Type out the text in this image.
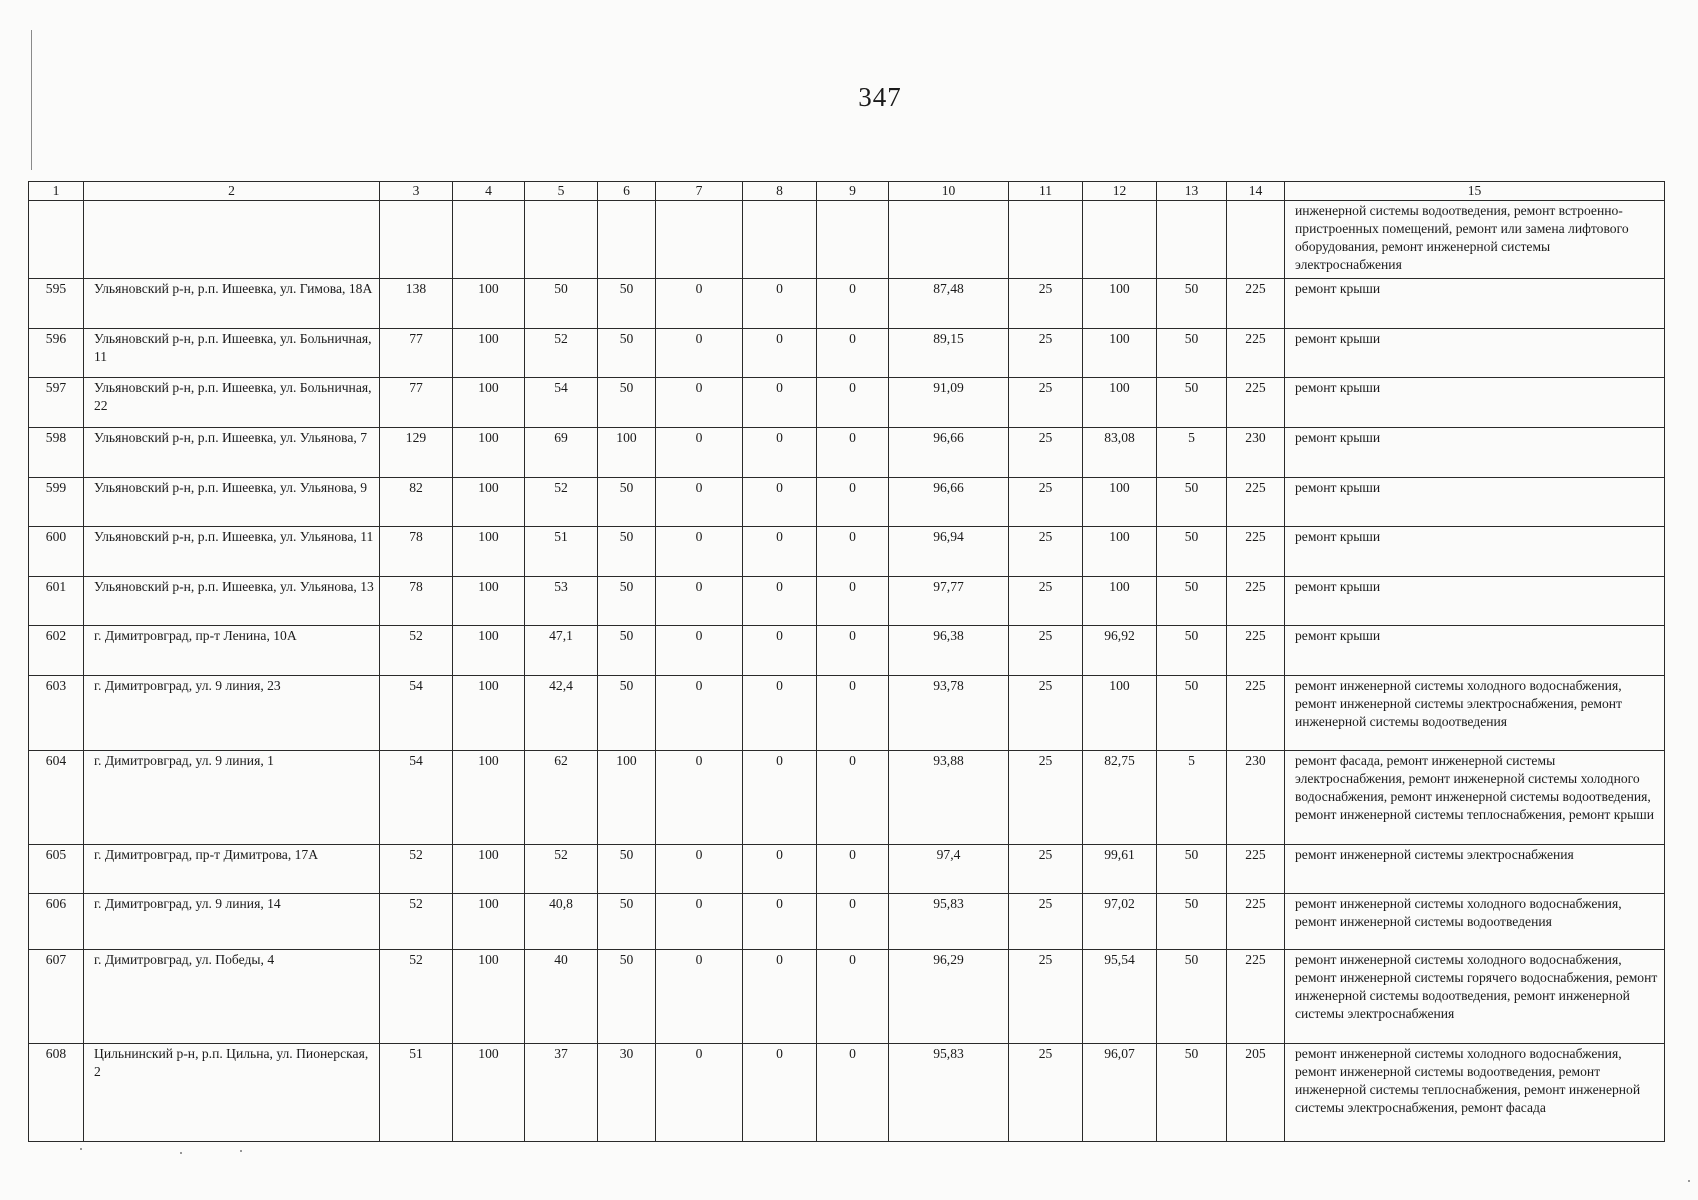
347
1	2	3	4	5	6	7	8	9	10	11	12	13	14	15
														инженерной системы водоотведения, ремонт встроенно-пристроенных помещений, ремонт или замена лифтового оборудования, ремонт инженерной системы электроснабжения
595	Ульяновский р-н, р.п. Ишеевка, ул. Гимова, 18А	138	100	50	50	0	0	0	87,48	25	100	50	225	ремонт крыши
596	Ульяновский р-н, р.п. Ишеевка, ул. Больничная, 11	77	100	52	50	0	0	0	89,15	25	100	50	225	ремонт крыши
597	Ульяновский р-н, р.п. Ишеевка, ул. Больничная, 22	77	100	54	50	0	0	0	91,09	25	100	50	225	ремонт крыши
598	Ульяновский р-н, р.п. Ишеевка, ул. Ульянова, 7	129	100	69	100	0	0	0	96,66	25	83,08	5	230	ремонт крыши
599	Ульяновский р-н, р.п. Ишеевка, ул. Ульянова, 9	82	100	52	50	0	0	0	96,66	25	100	50	225	ремонт крыши
600	Ульяновский р-н, р.п. Ишеевка, ул. Ульянова, 11	78	100	51	50	0	0	0	96,94	25	100	50	225	ремонт крыши
601	Ульяновский р-н, р.п. Ишеевка, ул. Ульянова, 13	78	100	53	50	0	0	0	97,77	25	100	50	225	ремонт крыши
602	г. Димитровград, пр-т Ленина, 10А	52	100	47,1	50	0	0	0	96,38	25	96,92	50	225	ремонт крыши
603	г. Димитровград, ул. 9 линия, 23	54	100	42,4	50	0	0	0	93,78	25	100	50	225	ремонт инженерной системы холодного водоснабжения, ремонт инженерной системы электроснабжения, ремонт инженерной системы водоотведения
604	г. Димитровград, ул. 9 линия, 1	54	100	62	100	0	0	0	93,88	25	82,75	5	230	ремонт фасада, ремонт инженерной системы электроснабжения, ремонт инженерной системы холодного водоснабжения, ремонт инженерной системы водоотведения, ремонт инженерной системы теплоснабжения, ремонт крыши
605	г. Димитровград, пр-т Димитрова, 17А	52	100	52	50	0	0	0	97,4	25	99,61	50	225	ремонт инженерной системы электроснабжения
606	г. Димитровград, ул. 9 линия, 14	52	100	40,8	50	0	0	0	95,83	25	97,02	50	225	ремонт инженерной системы холодного водоснабжения, ремонт инженерной системы водоотведения
607	г. Димитровград, ул. Победы, 4	52	100	40	50	0	0	0	96,29	25	95,54	50	225	ремонт инженерной системы холодного водоснабжения, ремонт инженерной системы горячего водоснабжения, ремонт инженерной системы водоотведения, ремонт инженерной системы электроснабжения
608	Цильнинский р-н, р.п. Цильна, ул. Пионерская, 2	51	100	37	30	0	0	0	95,83	25	96,07	50	205	ремонт инженерной системы холодного водоснабжения, ремонт инженерной системы водоотведения, ремонт инженерной системы теплоснабжения, ремонт инженерной системы электроснабжения, ремонт фасада
